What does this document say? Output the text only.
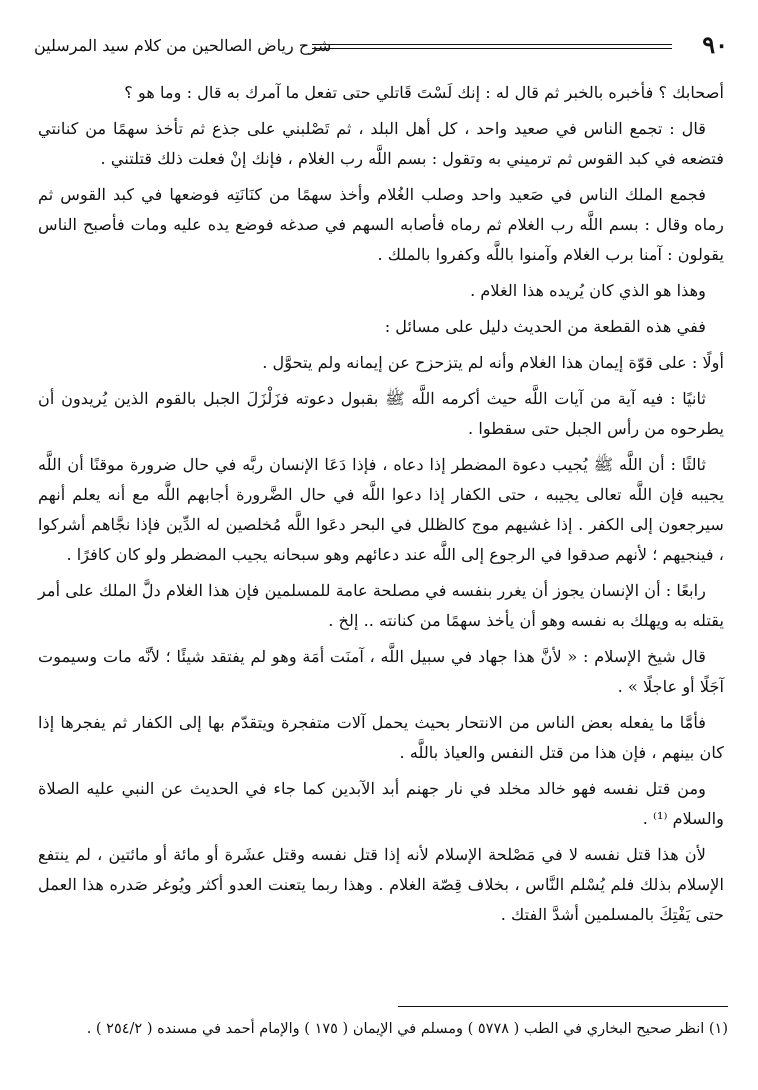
شرح رياض الصالحين من كلام سيد المرسلين	٩٠

أصحابك ؟ فأخبره بالخبر ثم قال له : إنك لَسْتَ قَاتلي حتى تفعل ما آمرك به قال : وما هو ؟

قال : تجمع الناس في صعيد واحد ، كل أهل البلد ، ثم تَصْلبني على جذع ثم تأخذ سهمًا من كنانتي فتضعه في كبد القوس ثم ترميني به وتقول : بسم اللَّه رب الغلام ، فإنك إنْ فعلت ذلك قتلتني .

فجمع الملك الناس في صَعيد واحد وصلب الغُلام وأخذ سهمًا من كنَانَتِه فوضعها في كبد القوس ثم رماه وقال : بسم اللَّه رب الغلام ثم رماه فأصابه السهم في صدغه فوضع يده عليه ومات فأصبح الناس يقولون : آمنا برب الغلام وآمنوا باللَّه وكفروا بالملك .

وهذا هو الذي كان يُريده هذا الغلام .

ففي هذه القطعة من الحديث دليل على مسائل :

أولًا : على قوّة إيمان هذا الغلام وأنه لم يتزحزح عن إيمانه ولم يتحوَّل .

ثانيًا : فيه آية من آيات اللَّه حيث أكرمه اللَّه ﷺ بقبول دعوته فزَلْزَلَ الجبل بالقوم الذين يُريدون أن يطرحوه من رأس الجبل حتى سقطوا .

ثالثًا : أن اللَّه ﷺ يُجيب دعوة المضطر إذا دعاه ، فإذا دَعَا الإنسان ربَّه في حال ضرورة موقنًا أن اللَّه يجيبه فإن اللَّه تعالى يجيبه ، حتى الكفار إذا دعوا اللَّه في حال الضَّرورة أجابهم اللَّه مع أنه يعلم أنهم سيرجعون إلى الكفر . إذا غشيهم موج كالظلل في البحر دعَوا اللَّه مُخلصين له الدِّين فإذا نجَّاهم أشركوا ، فينجيهم ؛ لأنهم صدقوا في الرجوع إلى اللَّه عند دعائهم وهو سبحانه يجيب المضطر ولو كان كافرًا .

رابعًا : أن الإنسان يجوز أن يغرر بنفسه في مصلحة عامة للمسلمين فإن هذا الغلام دلَّ الملك على أمر يقتله به ويهلك به نفسه وهو أن يأخذ سهمًا من كنانته .. إلخ .

قال شيخ الإسلام : « لأنَّ هذا جهاد في سبيل اللَّه ، آمنَت أمَة وهو لم يفتقد شيئًا ؛ لأنَّه مات وسيموت آجَلًا أو عاجلًا » .

فأمَّا ما يفعله بعض الناس من الانتحار بحيث يحمل آلات متفجرة ويتقدّم بها إلى الكفار ثم يفجرها إذا كان بينهم ، فإن هذا من قتل النفس والعياذ باللَّه .

ومن قتل نفسه فهو خالد مخلد في نار جهنم أبد الآبدين كما جاء في الحديث عن النبي عليه الصلاة والسلام ⁽¹⁾ .

لأن هذا قتل نفسه لا في مَصْلحة الإسلام لأنه إذا قتل نفسه وقتل عشَرة أو مائة أو مائتين ، لم ينتفع الإسلام بذلك فلم يُسْلم النَّاس ، بخلاف قِصّة الغلام . وهذا ربما يتعنت العدو أكثر ويُوغر صَدره هذا العمل حتى يَفْتِكَ بالمسلمين أشدَّ الفتك .

(١) انظر صحيح البخاري في الطب ( ٥٧٧٨ ) ومسلم في الإيمان ( ١٧٥ ) والإمام أحمد في مسنده ( ٢٥٤/٢ ) .
